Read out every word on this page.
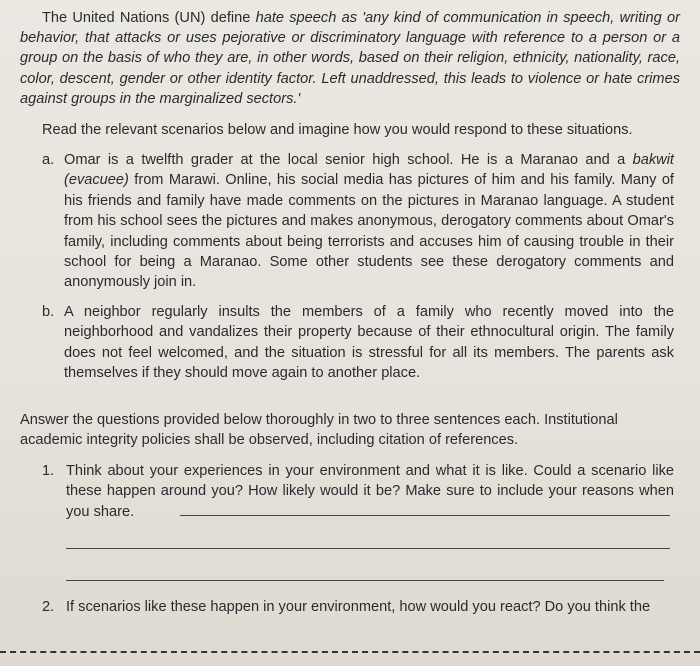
The United Nations (UN) define hate speech as 'any kind of communication in speech, writing or behavior, that attacks or uses pejorative or discriminatory language with reference to a person or a group on the basis of who they are, in other words, based on their religion, ethnicity, nationality, race, color, descent, gender or other identity factor. Left unaddressed, this leads to violence or hate crimes against groups in the marginalized sectors.'
Read the relevant scenarios below and imagine how you would respond to these situations.
a. Omar is a twelfth grader at the local senior high school. He is a Maranao and a bakwit (evacuee) from Marawi. Online, his social media has pictures of him and his family. Many of his friends and family have made comments on the pictures in Maranao language. A student from his school sees the pictures and makes anonymous, derogatory comments about Omar's family, including comments about being terrorists and accuses him of causing trouble in their school for being a Maranao. Some other students see these derogatory comments and anonymously join in.
b. A neighbor regularly insults the members of a family who recently moved into the neighborhood and vandalizes their property because of their ethnocultural origin. The family does not feel welcomed, and the situation is stressful for all its members. The parents ask themselves if they should move again to another place.
Answer the questions provided below thoroughly in two to three sentences each. Institutional academic integrity policies shall be observed, including citation of references.
1. Think about your experiences in your environment and what it is like. Could a scenario like these happen around you? How likely would it be? Make sure to include your reasons when you share.
2. If scenarios like these happen in your environment, how would you react? Do you think the
